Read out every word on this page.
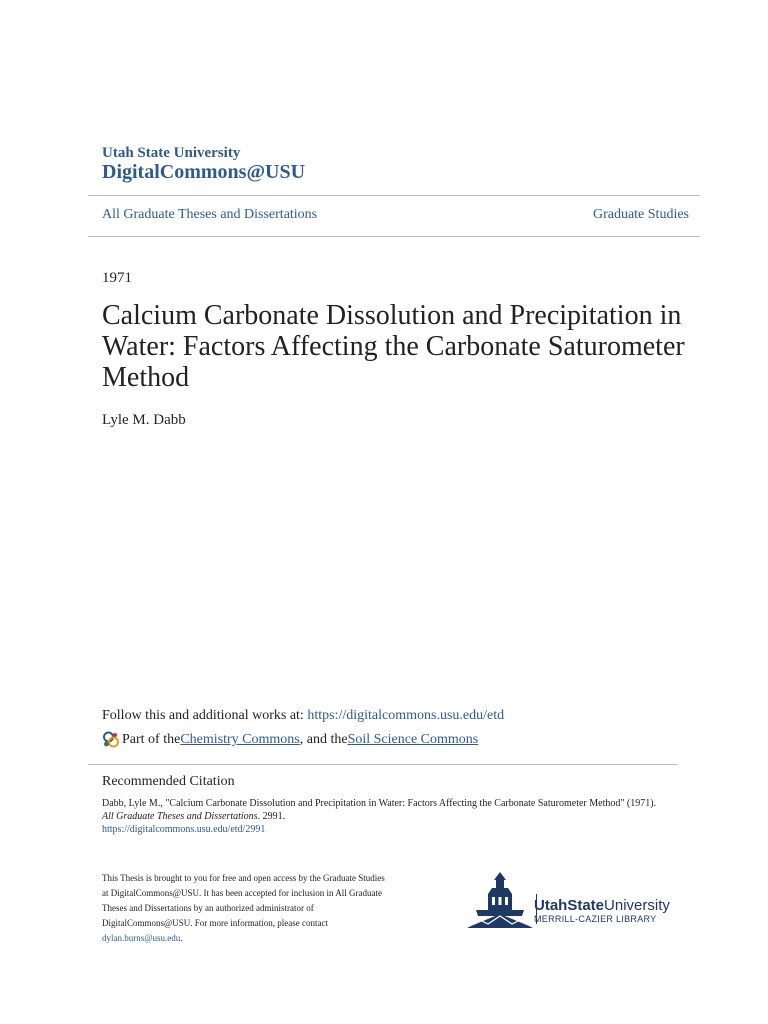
Utah State University
DigitalCommons@USU
All Graduate Theses and Dissertations	Graduate Studies
1971
Calcium Carbonate Dissolution and Precipitation in Water: Factors Affecting the Carbonate Saturometer Method
Lyle M. Dabb
Follow this and additional works at: https://digitalcommons.usu.edu/etd
Part of the Chemistry Commons , and the Soil Science Commons
Recommended Citation
Dabb, Lyle M., "Calcium Carbonate Dissolution and Precipitation in Water: Factors Affecting the Carbonate Saturometer Method" (1971). All Graduate Theses and Dissertations. 2991.
https://digitalcommons.usu.edu/etd/2991
This Thesis is brought to you for free and open access by the Graduate Studies at DigitalCommons@USU. It has been accepted for inclusion in All Graduate Theses and Dissertations by an authorized administrator of DigitalCommons@USU. For more information, please contact
dylan.burns@usu.edu.
UtahStateUniversity
MERRILL-CAZIER LIBRARY
